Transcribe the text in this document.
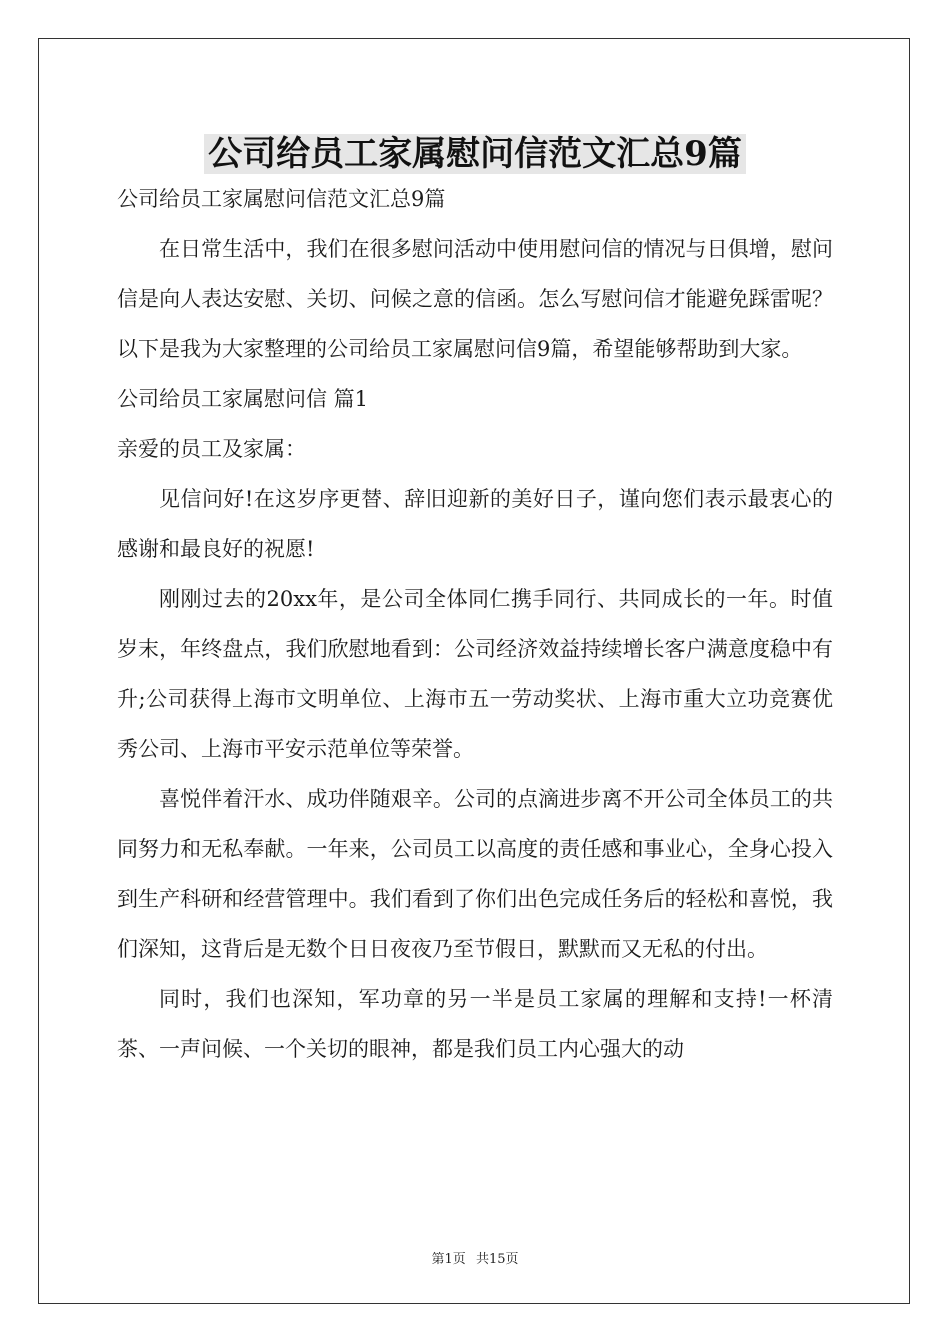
公司给员工家属慰问信范文汇总9篇

公司给员工家属慰问信范文汇总9篇

在日常生活中，我们在很多慰问活动中使用慰问信的情况与日俱增，慰问信是向人表达安慰、关切、问候之意的信函。怎么写慰问信才能避免踩雷呢？以下是我为大家整理的公司给员工家属慰问信9篇，希望能够帮助到大家。

公司给员工家属慰问信 篇1

亲爱的员工及家属：

见信问好!在这岁序更替、辞旧迎新的美好日子，谨向您们表示最衷心的感谢和最良好的祝愿!

刚刚过去的20xx年，是公司全体同仁携手同行、共同成长的一年。时值岁末，年终盘点，我们欣慰地看到：公司经济效益持续增长客户满意度稳中有升;公司获得上海市文明单位、上海市五一劳动奖状、上海市重大立功竞赛优秀公司、上海市平安示范单位等荣誉。

喜悦伴着汗水、成功伴随艰辛。公司的点滴进步离不开公司全体员工的共同努力和无私奉献。一年来，公司员工以高度的责任感和事业心，全身心投入到生产科研和经营管理中。我们看到了你们出色完成任务后的轻松和喜悦，我们深知，这背后是无数个日日夜夜乃至节假日，默默而又无私的付出。

同时，我们也深知，军功章的另一半是员工家属的理解和支持!一杯清茶、一声问候、一个关切的眼神，都是我们员工内心强大的动

第1页 共15页
